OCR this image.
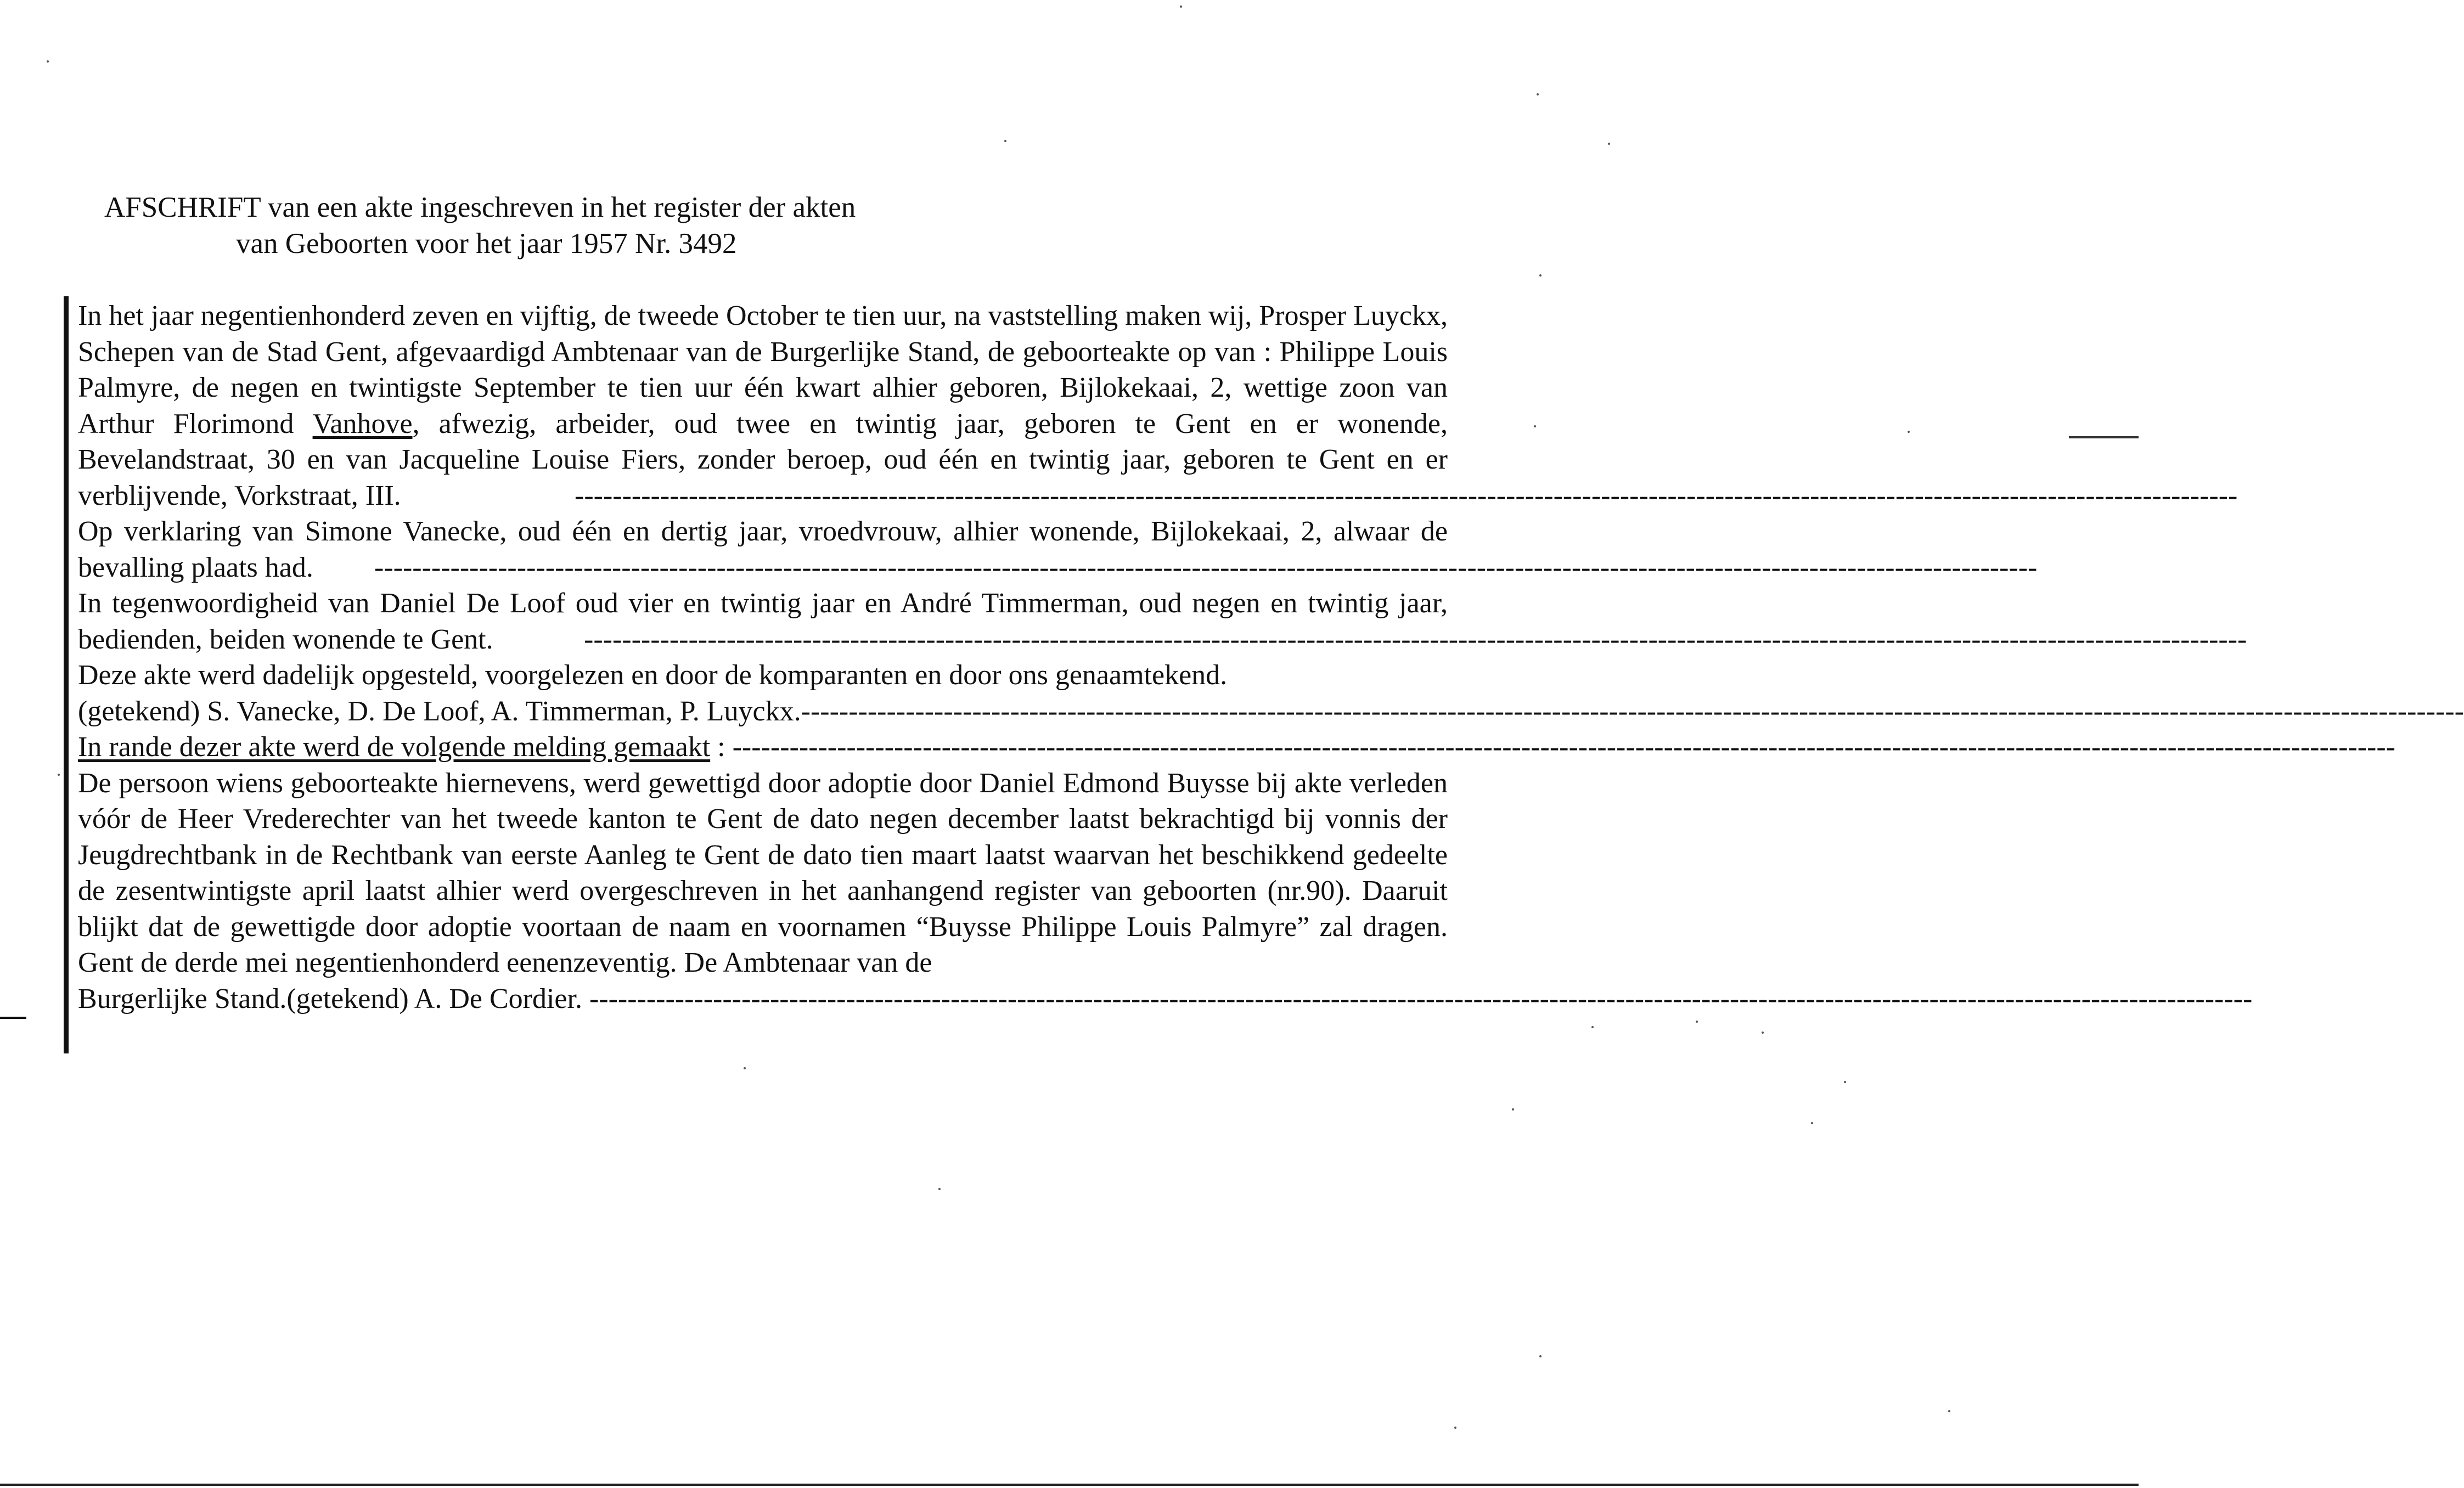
AFSCHRIFT van een akte ingeschreven in het register der akten
van Geboorten voor het jaar 1957 Nr. 3492
In het jaar negentienhonderd zeven en vijftig, de tweede October te tien uur, na vaststelling maken wij, Prosper Luyckx, Schepen van de Stad Gent, afgevaardigd Ambtenaar van de Burgerlijke Stand, de geboorteakte op van : Philippe Louis Palmyre, de negen en twintigste September te tien uur één kwart alhier geboren, Bijlokekaai, 2, wettige zoon van Arthur Florimond Vanhove, afwezig, arbeider, oud twee en twintig jaar, geboren te Gent en er wonende, Bevelandstraat, 30 en van Jacqueline Louise Fiers, zonder beroep, oud één en twintig jaar, geboren te Gent en er verblijvende, Vorkstraat, III.	-------------------------------------------------------------------------------------------------------------------------------------------------------------------------------
Op verklaring van Simone Vanecke, oud één en dertig jaar, vroedvrouw, alhier wonende, Bijlokekaai, 2, alwaar de bevalling plaats had.	-------------------------------------------------------------------------------------------------------------------------------------------------------------------------------
In tegenwoordigheid van Daniel De Loof oud vier en twintig jaar en André Timmerman, oud negen en twintig jaar, bedienden, beiden wonende te Gent.	-------------------------------------------------------------------------------------------------------------------------------------------------------------------------------
Deze akte werd dadelijk opgesteld, voorgelezen en door de komparanten en door ons genaamtekend.
(getekend) S. Vanecke, D. De Loof, A. Timmerman, P. Luyckx.-------------------------------------------------------------------------------------------------------------------------------------------------------------------------------
In rande dezer akte werd de volgende melding gemaakt : -------------------------------------------------------------------------------------------------------------------------------------------------------------------------------
De persoon wiens geboorteakte hiernevens, werd gewettigd door adoptie door Daniel Edmond Buysse bij akte verleden vóór de Heer Vrederechter van het tweede kanton te Gent de dato negen december laatst bekrachtigd bij vonnis der Jeugdrechtbank in de Rechtbank van eerste Aanleg te Gent de dato tien maart laatst waarvan het beschikkend gedeelte de zesentwintigste april laatst alhier werd overgeschreven in het aanhangend register van geboorten (nr.90). Daaruit blijkt dat de gewettigde door adoptie voortaan de naam en voornamen “Buysse Philippe Louis Palmyre” zal dragen. Gent de derde mei negentienhonderd eenenzeventig. De Ambtenaar van de
Burgerlijke Stand.(getekend) A. De Cordier. -------------------------------------------------------------------------------------------------------------------------------------------------------------------------------
